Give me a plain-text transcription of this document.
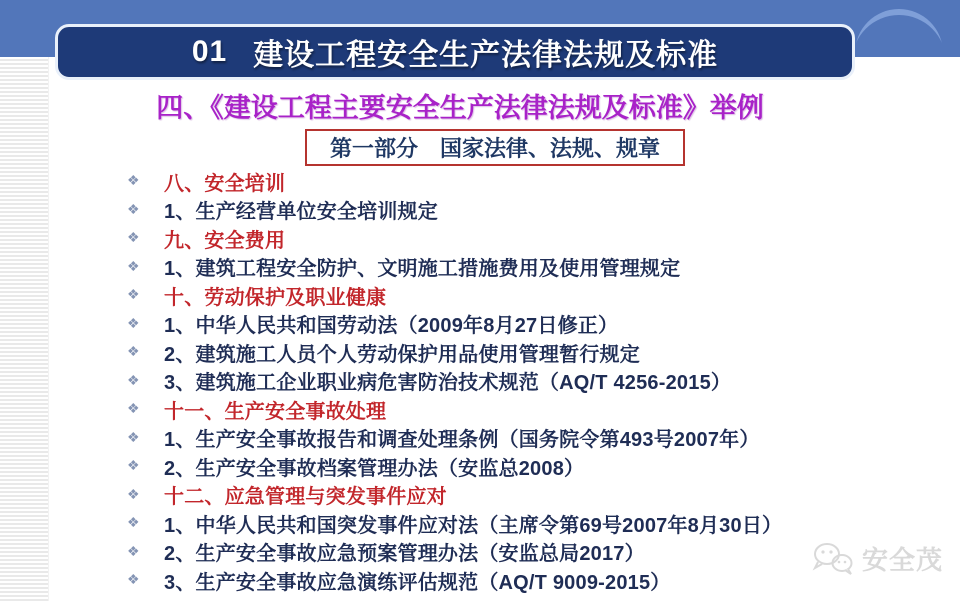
01 建设工程安全生产法律法规及标准
四、《建设工程主要安全生产法律法规及标准》举例
第一部分　国家法律、法规、规章
❖	八、安全培训
❖	1、生产经营单位安全培训规定
❖	九、安全费用
❖	1、建筑工程安全防护、文明施工措施费用及使用管理规定
❖	十、劳动保护及职业健康
❖	1、中华人民共和国劳动法（2009年8月27日修正）
❖	2、建筑施工人员个人劳动保护用品使用管理暂行规定
❖	3、建筑施工企业职业病危害防治技术规范（AQ/T 4256-2015）
❖	十一、生产安全事故处理
❖	1、生产安全事故报告和调查处理条例（国务院令第493号2007年）
❖	2、生产安全事故档案管理办法（安监总2008）
❖	十二、应急管理与突发事件应对
❖	1、中华人民共和国突发事件应对法（主席令第69号2007年8月30日）
❖	2、生产安全事故应急预案管理办法（安监总局2017）
❖	3、生产安全事故应急演练评估规范（AQ/T 9009-2015）
安全茂
